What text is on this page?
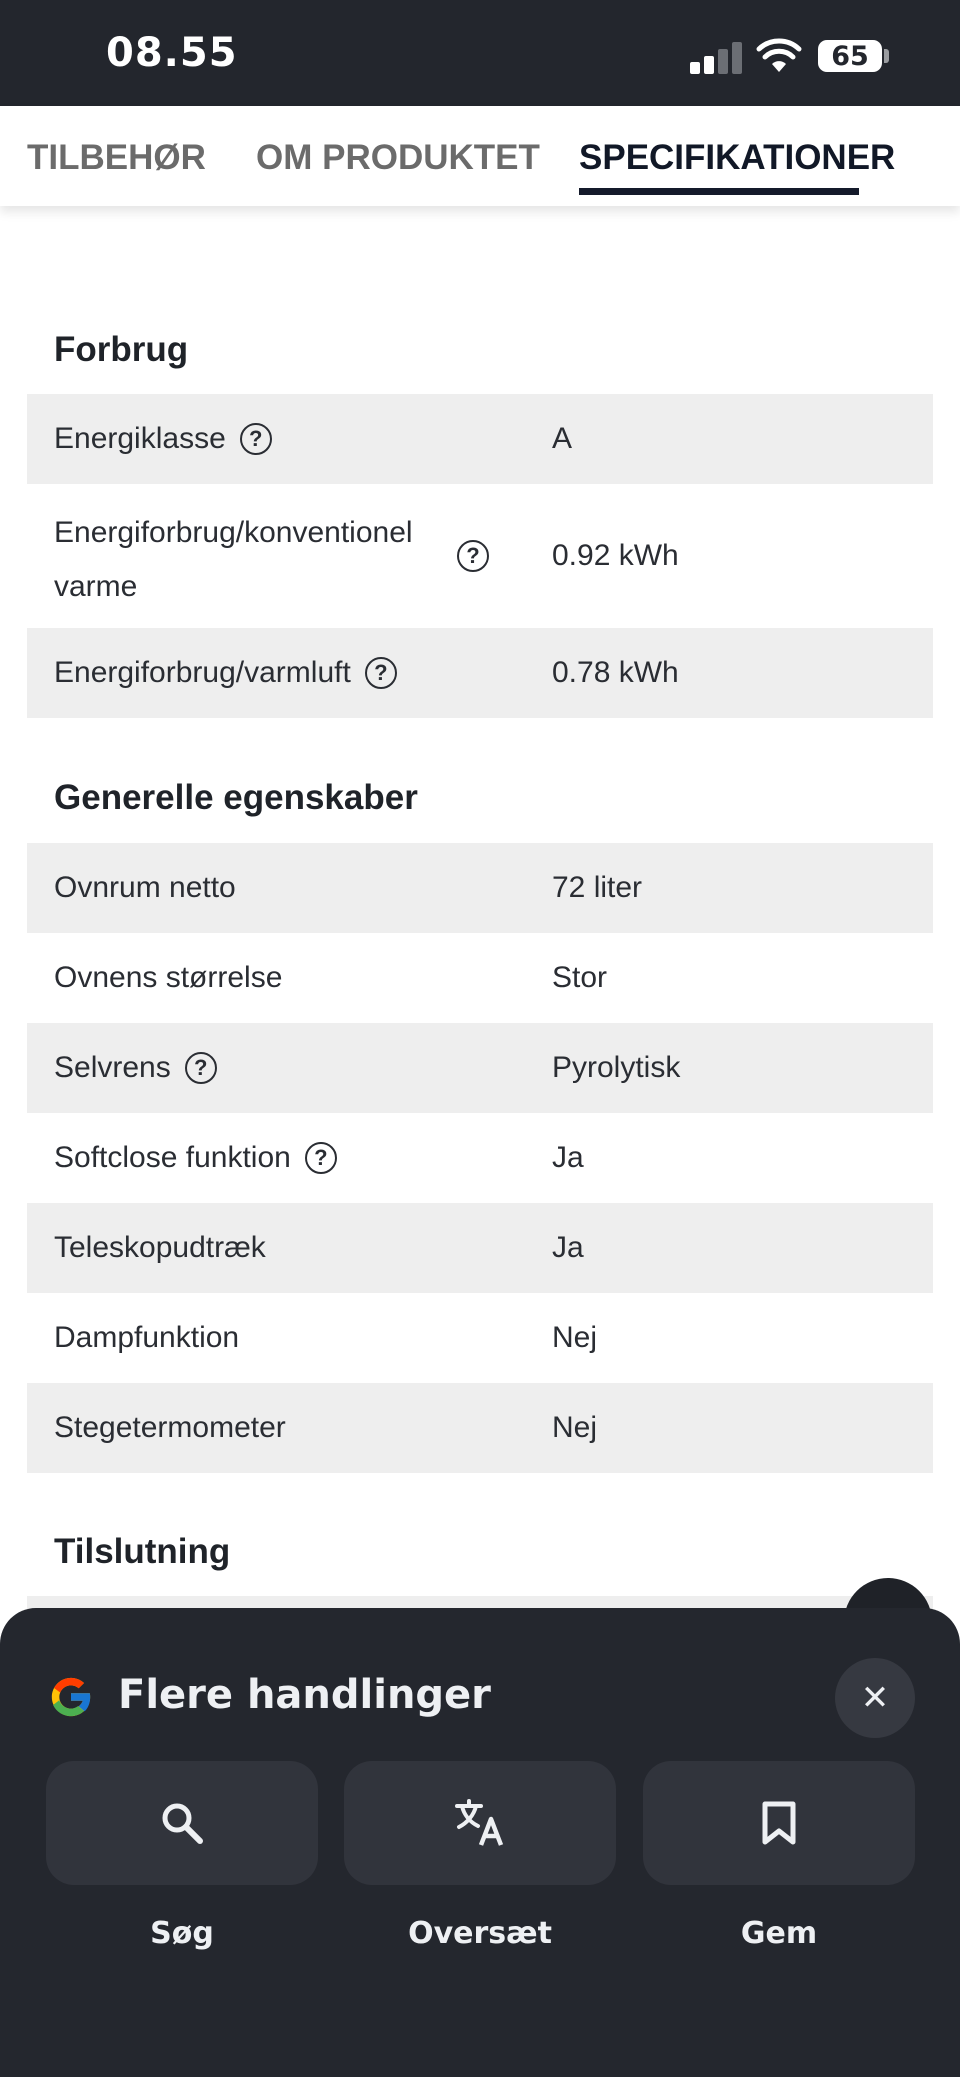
08.55	65
TILBEHØR OM PRODUKTET SPECIFIKATIONER
Forbrug
Energiklasse	?	A
Energiforbrug/konventionel
varme
?	0.92 kWh
Energiforbrug/varmluft	?	0.78 kWh
Generelle egenskaber
Ovnrum netto	72 liter
Ovnens størrelse	Stor
Selvrens	?	Pyrolytisk
Softclose funktion	?	Ja
Teleskopudtræk	Ja
Dampfunktion	Nej
Stegetermometer	Nej
Tilslutning
Flere handlinger	✕
Søg	Oversæt	Gem
